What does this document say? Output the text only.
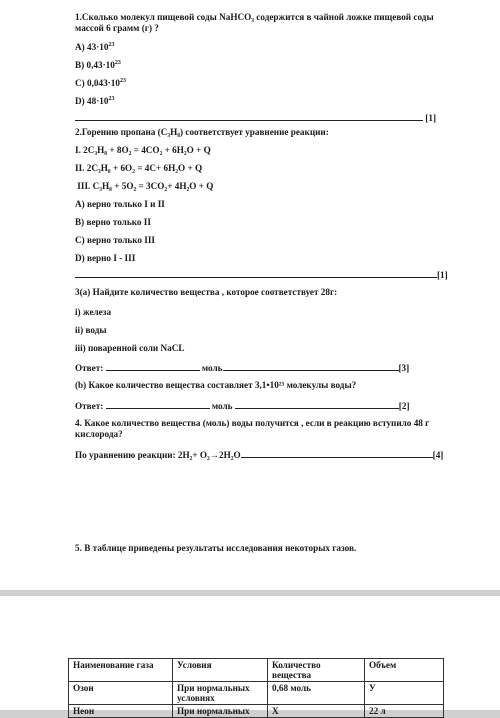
1.Сколько молекул пищевой соды NaHCO₃ содержится в чайной ложке пищевой соды массой 6 грамм (г) ?
A) $43\cdot 10^{23}$
B) $0,43\cdot 10^{23}$
C) $0,043\cdot 10^{23}$
D) $48\cdot 10^{23}$
[1]
2.Горению пропана (C₃H₈) соответствует уравнение реакции:
I. 2C₃H₈ + 8O₂ = 4CO₂ + 6H₂O + Q
II. 2C₃H₈ + 6O₂ = 4C+ 6H₂O + Q
III. C₃H₈ + 5O₂ = 3CO₂+ 4H₂O + Q
A) верно только I и II
B) верно только II
C) верно только III
D) верно I - III
[1]
3(a) Найдите количество вещества , которое соответствует 28г:
i) железа
ii) воды
iii) поваренной соли NaCL
Ответ:	моль	[3]
(b) Какое количество вещества составляет 3,1•10²³ молекулы воды?
Ответ:	моль	[2]
4. Какое количество вещества (моль) воды получится , если в реакцию вступило 48 г кислорода?
По уравнению реакции: 2H₂+ O₂→2H₂O	[4]
5. В таблице приведены результаты исследования некоторых газов.
Наименование газа	Условия	Количество вещества	Объем
Озон	При нормальных условиях	0,68 моль	У
Неон	При нормальных	Х	22 л
